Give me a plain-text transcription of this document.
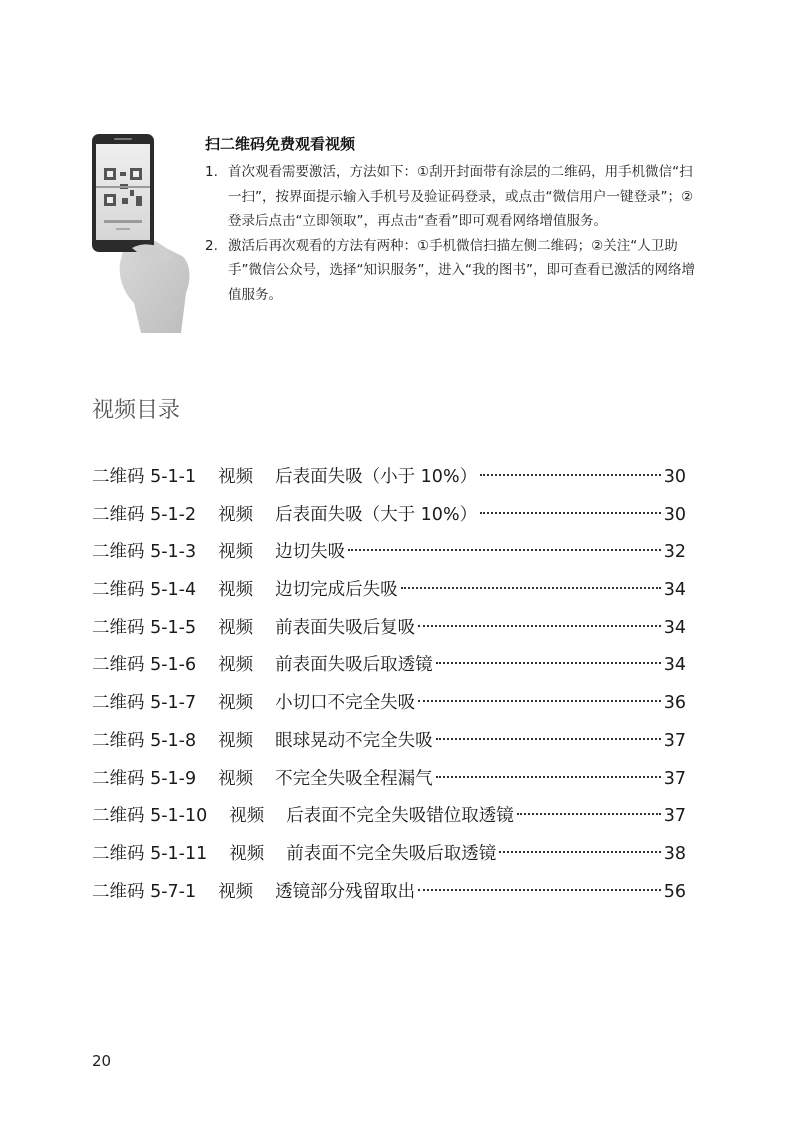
扫二维码免费观看视频
1. 首次观看需要激活，方法如下：①刮开封面带有涂层的二维码，用手机微信“扫一扫”，按界面提示输入手机号及验证码登录，或点击“微信用户一键登录”；②登录后点击“立即领取”，再点击“查看”即可观看网络增值服务。
2. 激活后再次观看的方法有两种：①手机微信扫描左侧二维码；②关注“人卫助手”微信公众号，选择“知识服务”，进入“我的图书”，即可查看已激活的网络增值服务。
视频目录
二维码 5-1-1 视频 后表面失吸（小于 10%）	30
二维码 5-1-2 视频 后表面失吸（大于 10%）	30
二维码 5-1-3 视频 边切失吸	32
二维码 5-1-4 视频 边切完成后失吸	34
二维码 5-1-5 视频 前表面失吸后复吸	34
二维码 5-1-6 视频 前表面失吸后取透镜	34
二维码 5-1-7 视频 小切口不完全失吸	36
二维码 5-1-8 视频 眼球晃动不完全失吸	37
二维码 5-1-9 视频 不完全失吸全程漏气	37
二维码 5-1-10 视频 后表面不完全失吸错位取透镜	37
二维码 5-1-11 视频 前表面不完全失吸后取透镜	38
二维码 5-7-1 视频 透镜部分残留取出	56
20
